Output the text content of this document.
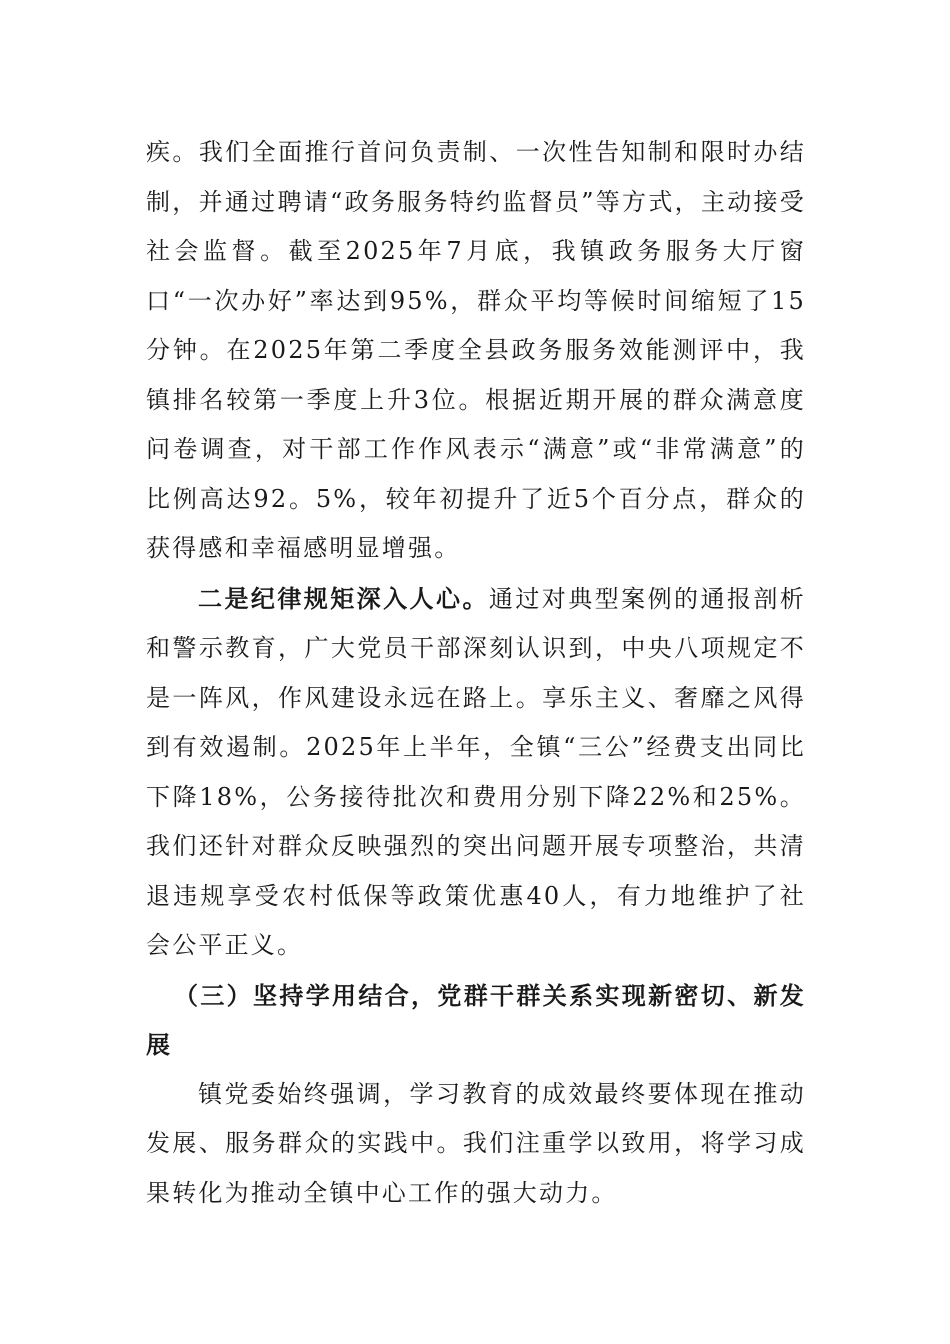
疾。我们全面推行首问负责制、一次性告知制和限时办结制，并通过聘请“政务服务特约监督员”等方式，主动接受社会监督。截至2025年7月底，我镇政务服务大厅窗口“一次办好”率达到95%，群众平均等候时间缩短了15分钟。在2025年第二季度全县政务服务效能测评中，我镇排名较第一季度上升3位。根据近期开展的群众满意度问卷调查，对干部工作作风表示“满意”或“非常满意”的比例高达92。5%，较年初提升了近5个百分点，群众的获得感和幸福感明显增强。

二是纪律规矩深入人心。通过对典型案例的通报剖析和警示教育，广大党员干部深刻认识到，中央八项规定不是一阵风，作风建设永远在路上。享乐主义、奢靡之风得到有效遏制。2025年上半年，全镇“三公”经费支出同比下降18%，公务接待批次和费用分别下降22%和25%。我们还针对群众反映强烈的突出问题开展专项整治，共清退违规享受农村低保等政策优惠40人，有力地维护了社会公平正义。

（三）坚持学用结合，党群干群关系实现新密切、新发展

镇党委始终强调，学习教育的成效最终要体现在推动发展、服务群众的实践中。我们注重学以致用，将学习成果转化为推动全镇中心工作的强大动力。
